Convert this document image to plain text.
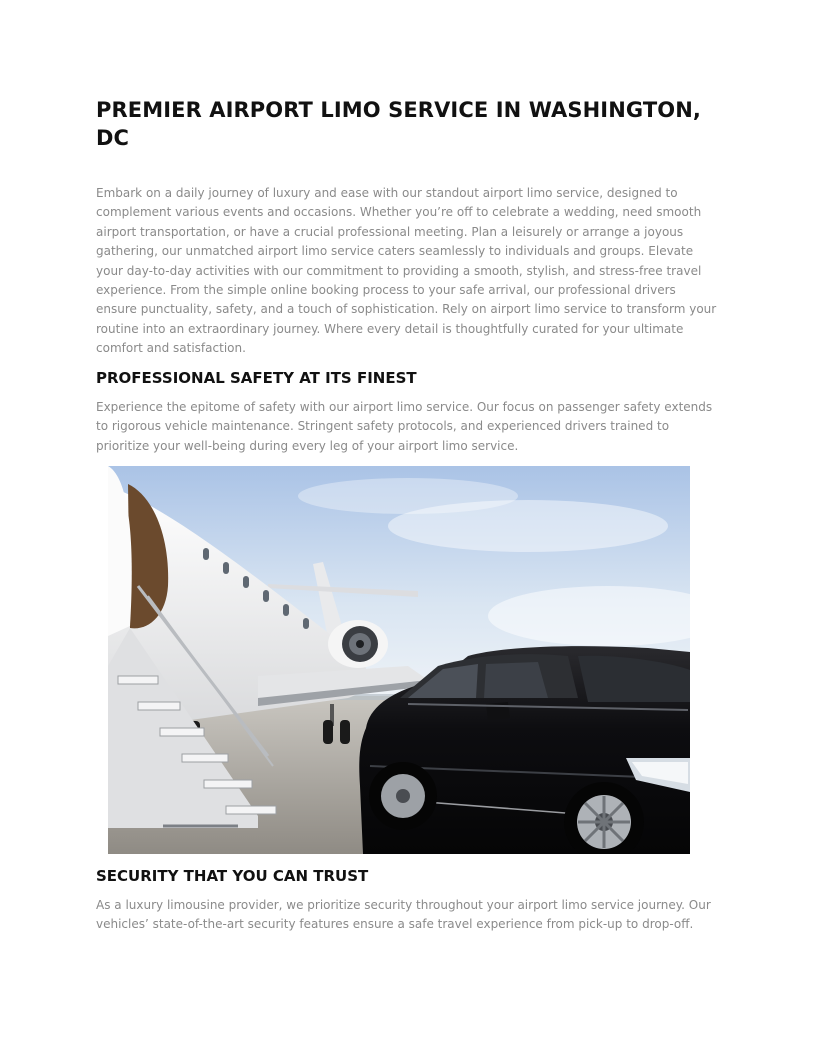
PREMIER AIRPORT LIMO SERVICE IN WASHINGTON, DC

Embark on a daily journey of luxury and ease with our standout airport limo service, designed to complement various events and occasions. Whether you’re off to celebrate a wedding, need smooth airport transportation, or have a crucial professional meeting. Plan a leisurely or arrange a joyous gathering, our unmatched airport limo service caters seamlessly to individuals and groups. Elevate your day-to-day activities with our commitment to providing a smooth, stylish, and stress-free travel experience. From the simple online booking process to your safe arrival, our professional drivers ensure punctuality, safety, and a touch of sophistication. Rely on airport limo service to transform your routine into an extraordinary journey. Where every detail is thoughtfully curated for your ultimate comfort and satisfaction.

PROFESSIONAL SAFETY AT ITS FINEST

Experience the epitome of safety with our airport limo service. Our focus on passenger safety extends to rigorous vehicle maintenance. Stringent safety protocols, and experienced drivers trained to prioritize your well-being during every leg of your airport limo service.

SECURITY THAT YOU CAN TRUST

As a luxury limousine provider, we prioritize security throughout your airport limo service journey. Our vehicles’ state-of-the-art security features ensure a safe travel experience from pick-up to drop-off.
